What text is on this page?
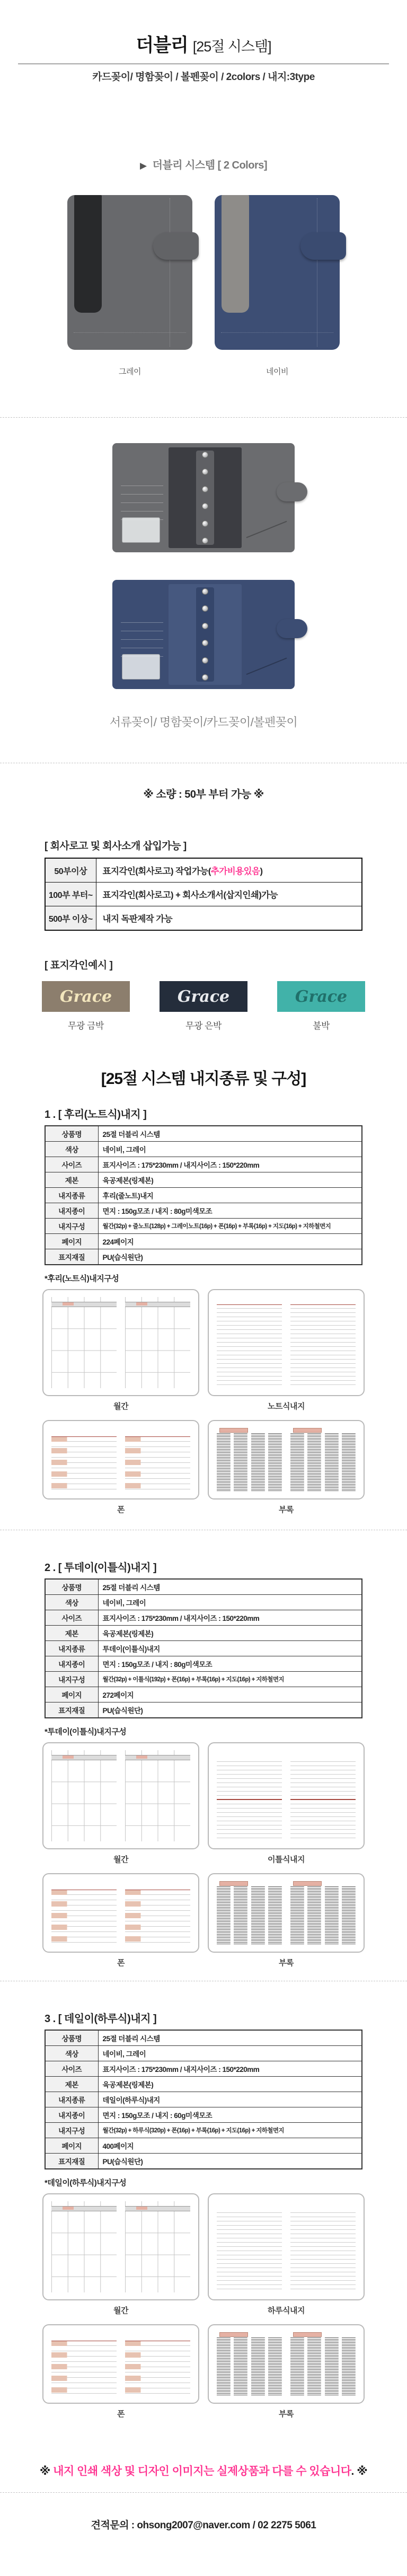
더블리 [25절 시스템]
카드꽂이/ 명함꽂이 / 볼펜꽂이 / 2colors / 내지:3type
▶ 더블리 시스템 [ 2 Colors]
그레이	네이비
서류꽂이/ 명함꽂이/카드꽂이/볼펜꽂이
※ 소량 : 50부 부터 가능 ※
[ 회사로고 및 회사소개 삽입가능 ]
50부이상	표지각인(회사로고) 작업가능(추가비용있음)
100부 부터~	표지각인(회사로고) + 회사소개서(삽지인쇄)가능
500부 이상~	내지 독판제작 가능
[ 표지각인예시 ]
Grace
무광 금박
Grace
무광 은박
Grace
불박
[25절 시스템 내지종류 및 구성]
1 . [ 후리(노트식)내지 ]
상품명	25절 더블리 시스템
색상	네이비, 그레이
사이즈	표지사이즈 : 175*230mm / 내지사이즈 : 150*220mm
제본	육공제본(링제본)
내지종류	후리(줄노트)내지
내지종이	면지 : 150g모조 / 내지 : 80g미색모조
내지구성	월간(32p) + 줄노트(128p) + 그레이노트(16p) + 폰(16p) + 부록(16p) + 지도(16p) + 지하철면지
페이지	224페이지
표지재질	PU(습식원단)
*후리(노트식)내지구성
월간
Date
Date	노트식내지
Phone&Address
Phone&Address
폰	부록
2 . [ 투데이(이틀식)내지 ]
상품명	25절 더블리 시스템
색상	네이비, 그레이
사이즈	표지사이즈 : 175*230mm / 내지사이즈 : 150*220mm
제본	육공제본(링제본)
내지종류	투데이(이틀식)내지
내지종이	면지 : 150g모조 / 내지 : 80g미색모조
내지구성	월간(32p) + 이틀식(192p) + 폰(16p) + 부록(16p) + 지도(16p) + 지하철면지
페이지	272페이지
표지재질	PU(습식원단)
*투데이(이틀식)내지구성
월간	이틀식내지
Phone&Address
Phone&Address
폰	부록
3 . [ 데일이(하루식)내지 ]
상품명	25절 더블리 시스템
색상	네이비, 그레이
사이즈	표지사이즈 : 175*230mm / 내지사이즈 : 150*220mm
제본	육공제본(링제본)
내지종류	데일이(하루식)내지
내지종이	면지 : 150g모조 / 내지 : 60g미색모조
내지구성	월간(32p) + 하루식(320p) + 폰(16p) + 부록(16p) + 지도(16p) + 지하철면지
페이지	400페이지
표지재질	PU(습식원단)
*데일이(하루식)내지구성
월간	하루식내지
Phone&Address
Phone&Address
폰	부록
※ 내지 인쇄 색상 및 디자인 이미지는 실제상품과 다를 수 있습니다. ※
견적문의 : ohsong2007@naver.com / 02 2275 5061
